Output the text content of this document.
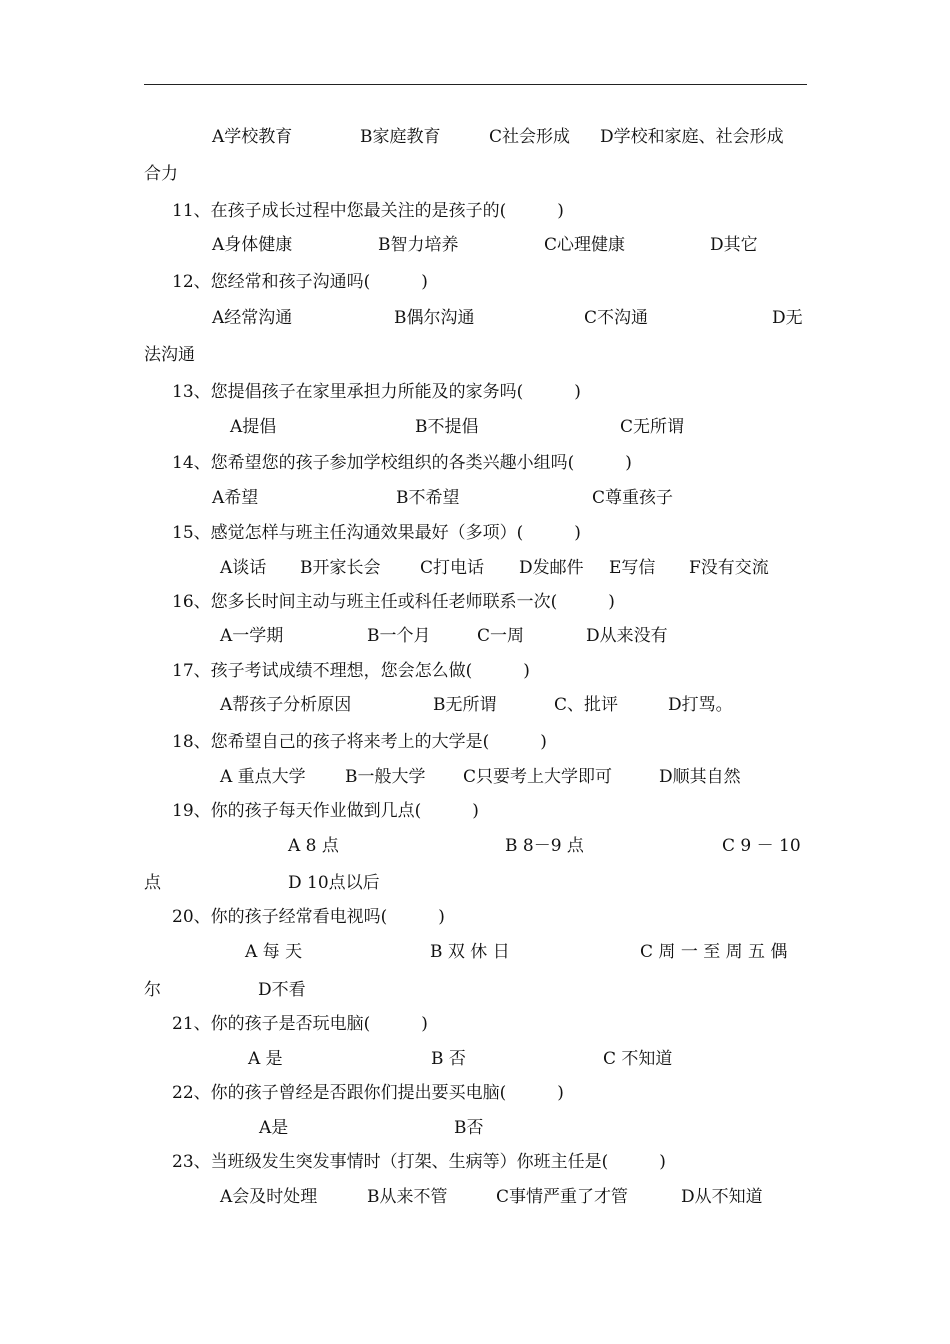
A学校教育	B家庭教育	C社会形成 D学校和家庭、社会形成
合力
11、在孩子成长过程中您最关注的是孩子的(　　　)
A身体健康	B智力培养	C心理健康	D其它
12、您经常和孩子沟通吗(　　　)
A经常沟通	B偶尔沟通	C不沟通	D无
法沟通
13、您提倡孩子在家里承担力所能及的家务吗(　　　)
A提倡	B不提倡	C无所谓
14、您希望您的孩子参加学校组织的各类兴趣小组吗(　　　)
A希望	B不希望	C尊重孩子
15、感觉怎样与班主任沟通效果最好（多项）(　　　)
A谈话 B开家长会 C打电话 D发邮件 E写信 F没有交流
16、您多长时间主动与班主任或科任老师联系一次(　　　)
A一学期	B一个月	C一周	D从来没有
17、孩子考试成绩不理想，您会怎么做(　　　)
A帮孩子分析原因	B无所谓	C、批评	D打骂。
18、您希望自己的孩子将来考上的大学是(　　　)
A 重点大学 B一般大学 C只要考上大学即可	D顺其自然
19、你的孩子每天作业做到几点(　　　)
A 8 点	B 8－9 点	C 9 － 10
点	D 10点以后
20、你的孩子经常看电视吗(　　　)
A 每 天	B 双 休 日	C 周 一 至 周 五 偶
尔	D不看
21、你的孩子是否玩电脑(　　　)
A 是	B 否	C 不知道
22、你的孩子曾经是否跟你们提出要买电脑(　　　)
A是	B否
23、当班级发生突发事情时（打架、生病等）你班主任是(　　　)
A会及时处理	B从来不管	C事情严重了才管	D从不知道
